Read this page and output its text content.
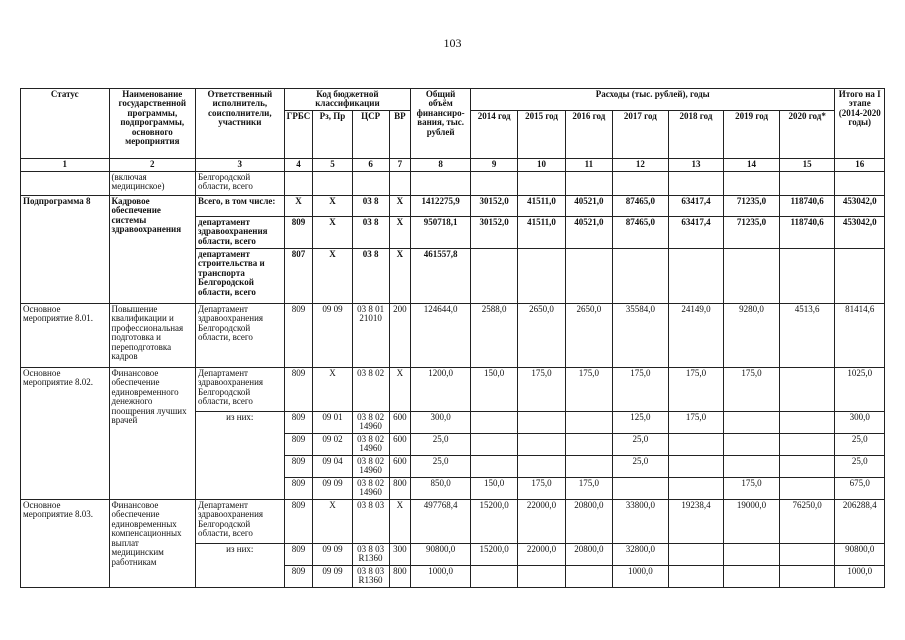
103
Статус	Наименование государственной программы, подпрограммы, основного мероприятия	Ответственный исполнитель, соисполнители, участники	Код бюджетной классификации				Общий объём финансиро-вания, тыс. рублей	Расходы (тыс. рублей), годы							Итого на I этапе (2014-2020 годы)
			ГРБС	Рз, Пр	ЦСР	ВР		2014 год	2015 год	2016 год	2017 год	2018 год	2019 год	2020 год*	
1	2	3	4	5	6	7	8	9	10	11	12	13	14	15	16
	(включая медицинское)	Белгородской области, всего													
Подпрограмма 8	Кадровое обеспечение системы здравоохранения	Всего, в том числе:	Х	Х	03 8	Х	1412275,9	30152,0	41511,0	40521,0	87465,0	63417,4	71235,0	118740,6	453042,0
		департамент здравоохранения области, всего	809	Х	03 8	Х	950718,1	30152,0	41511,0	40521,0	87465,0	63417,4	71235,0	118740,6	453042,0
		департамент строительства и транспорта Белгородской области, всего	807	Х	03 8	Х	461557,8								
Основное мероприятие 8.01.	Повышение квалификации и профессиональная подготовка и переподготовка кадров	Департамент здравоохранения Белгородской области, всего	809	09 09	03 8 01 21010	200	124644,0	2588,0	2650,0	2650,0	35584,0	24149,0	9280,0	4513,6	81414,6
Основное мероприятие 8.02.	Финансовое обеспечение единовременного денежного поощрения лучших врачей	Департамент здравоохранения Белгородской области, всего	809	Х	03 8 02	Х	1200,0	150,0	175,0	175,0	175,0	175,0	175,0		1025,0
		из них:	809	09 01	03 8 02 14960	600	300,0				125,0	175,0			300,0
			809	09 02	03 8 02 14960	600	25,0				25,0				25,0
			809	09 04	03 8 02 14960	600	25,0				25,0				25,0
			809	09 09	03 8 02 14960	800	850,0	150,0	175,0	175,0			175,0		675,0
Основное мероприятие 8.03.	Финансовое обеспечение единовременных компенсационных выплат медицинским работникам	Департамент здравоохранения Белгородской области, всего	809	Х	03 8 03	Х	497768,4	15200,0	22000,0	20800,0	33800,0	19238,4	19000,0	76250,0	206288,4
		из них:	809	09 09	03 8 03 R1360	300	90800,0	15200,0	22000,0	20800,0	32800,0				90800,0
			809	09 09	03 8 03 R1360	800	1000,0				1000,0				1000,0
